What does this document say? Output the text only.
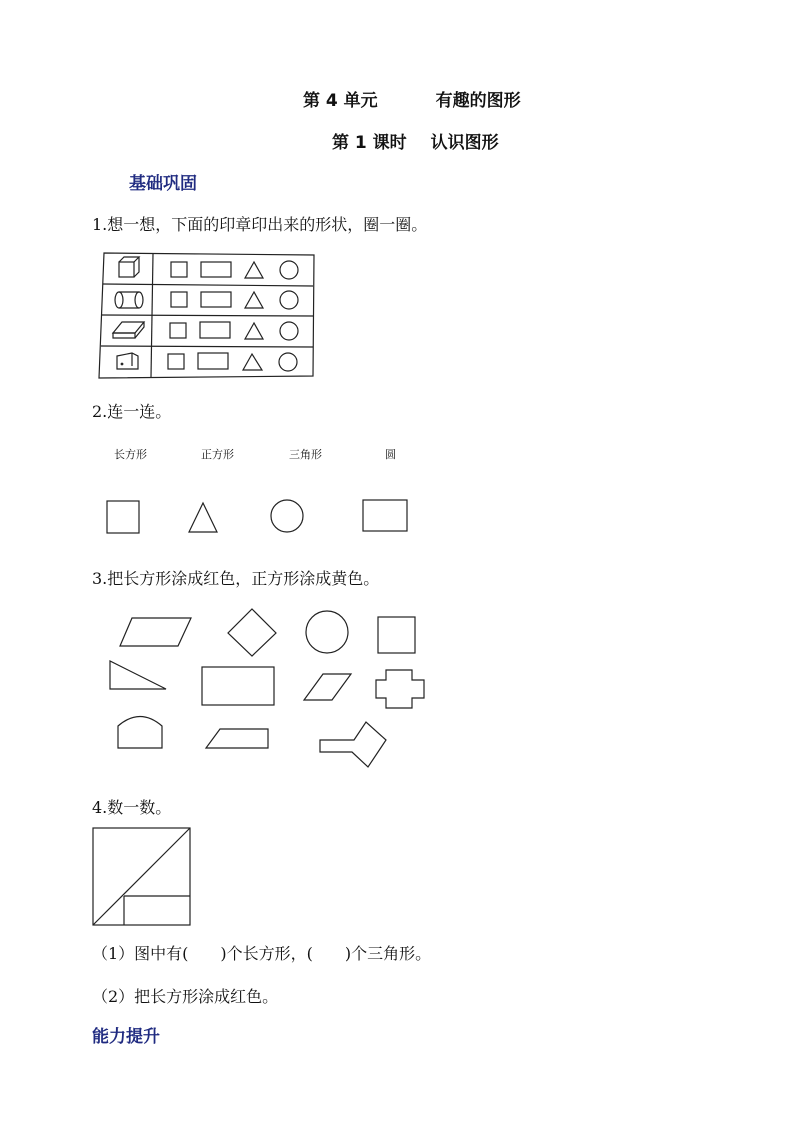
第 4 单元	有趣的图形
第 1 课时 认识图形
基础巩固
1.想一想，下面的印章印出来的形状，圈一圈。
2.连一连。
长方形	正方形	三角形	圆
3.把长方形涂成红色，正方形涂成黄色。
4.数一数。
（1）图中有(　　)个长方形，(　　)个三角形。
（2）把长方形涂成红色。
能力提升
